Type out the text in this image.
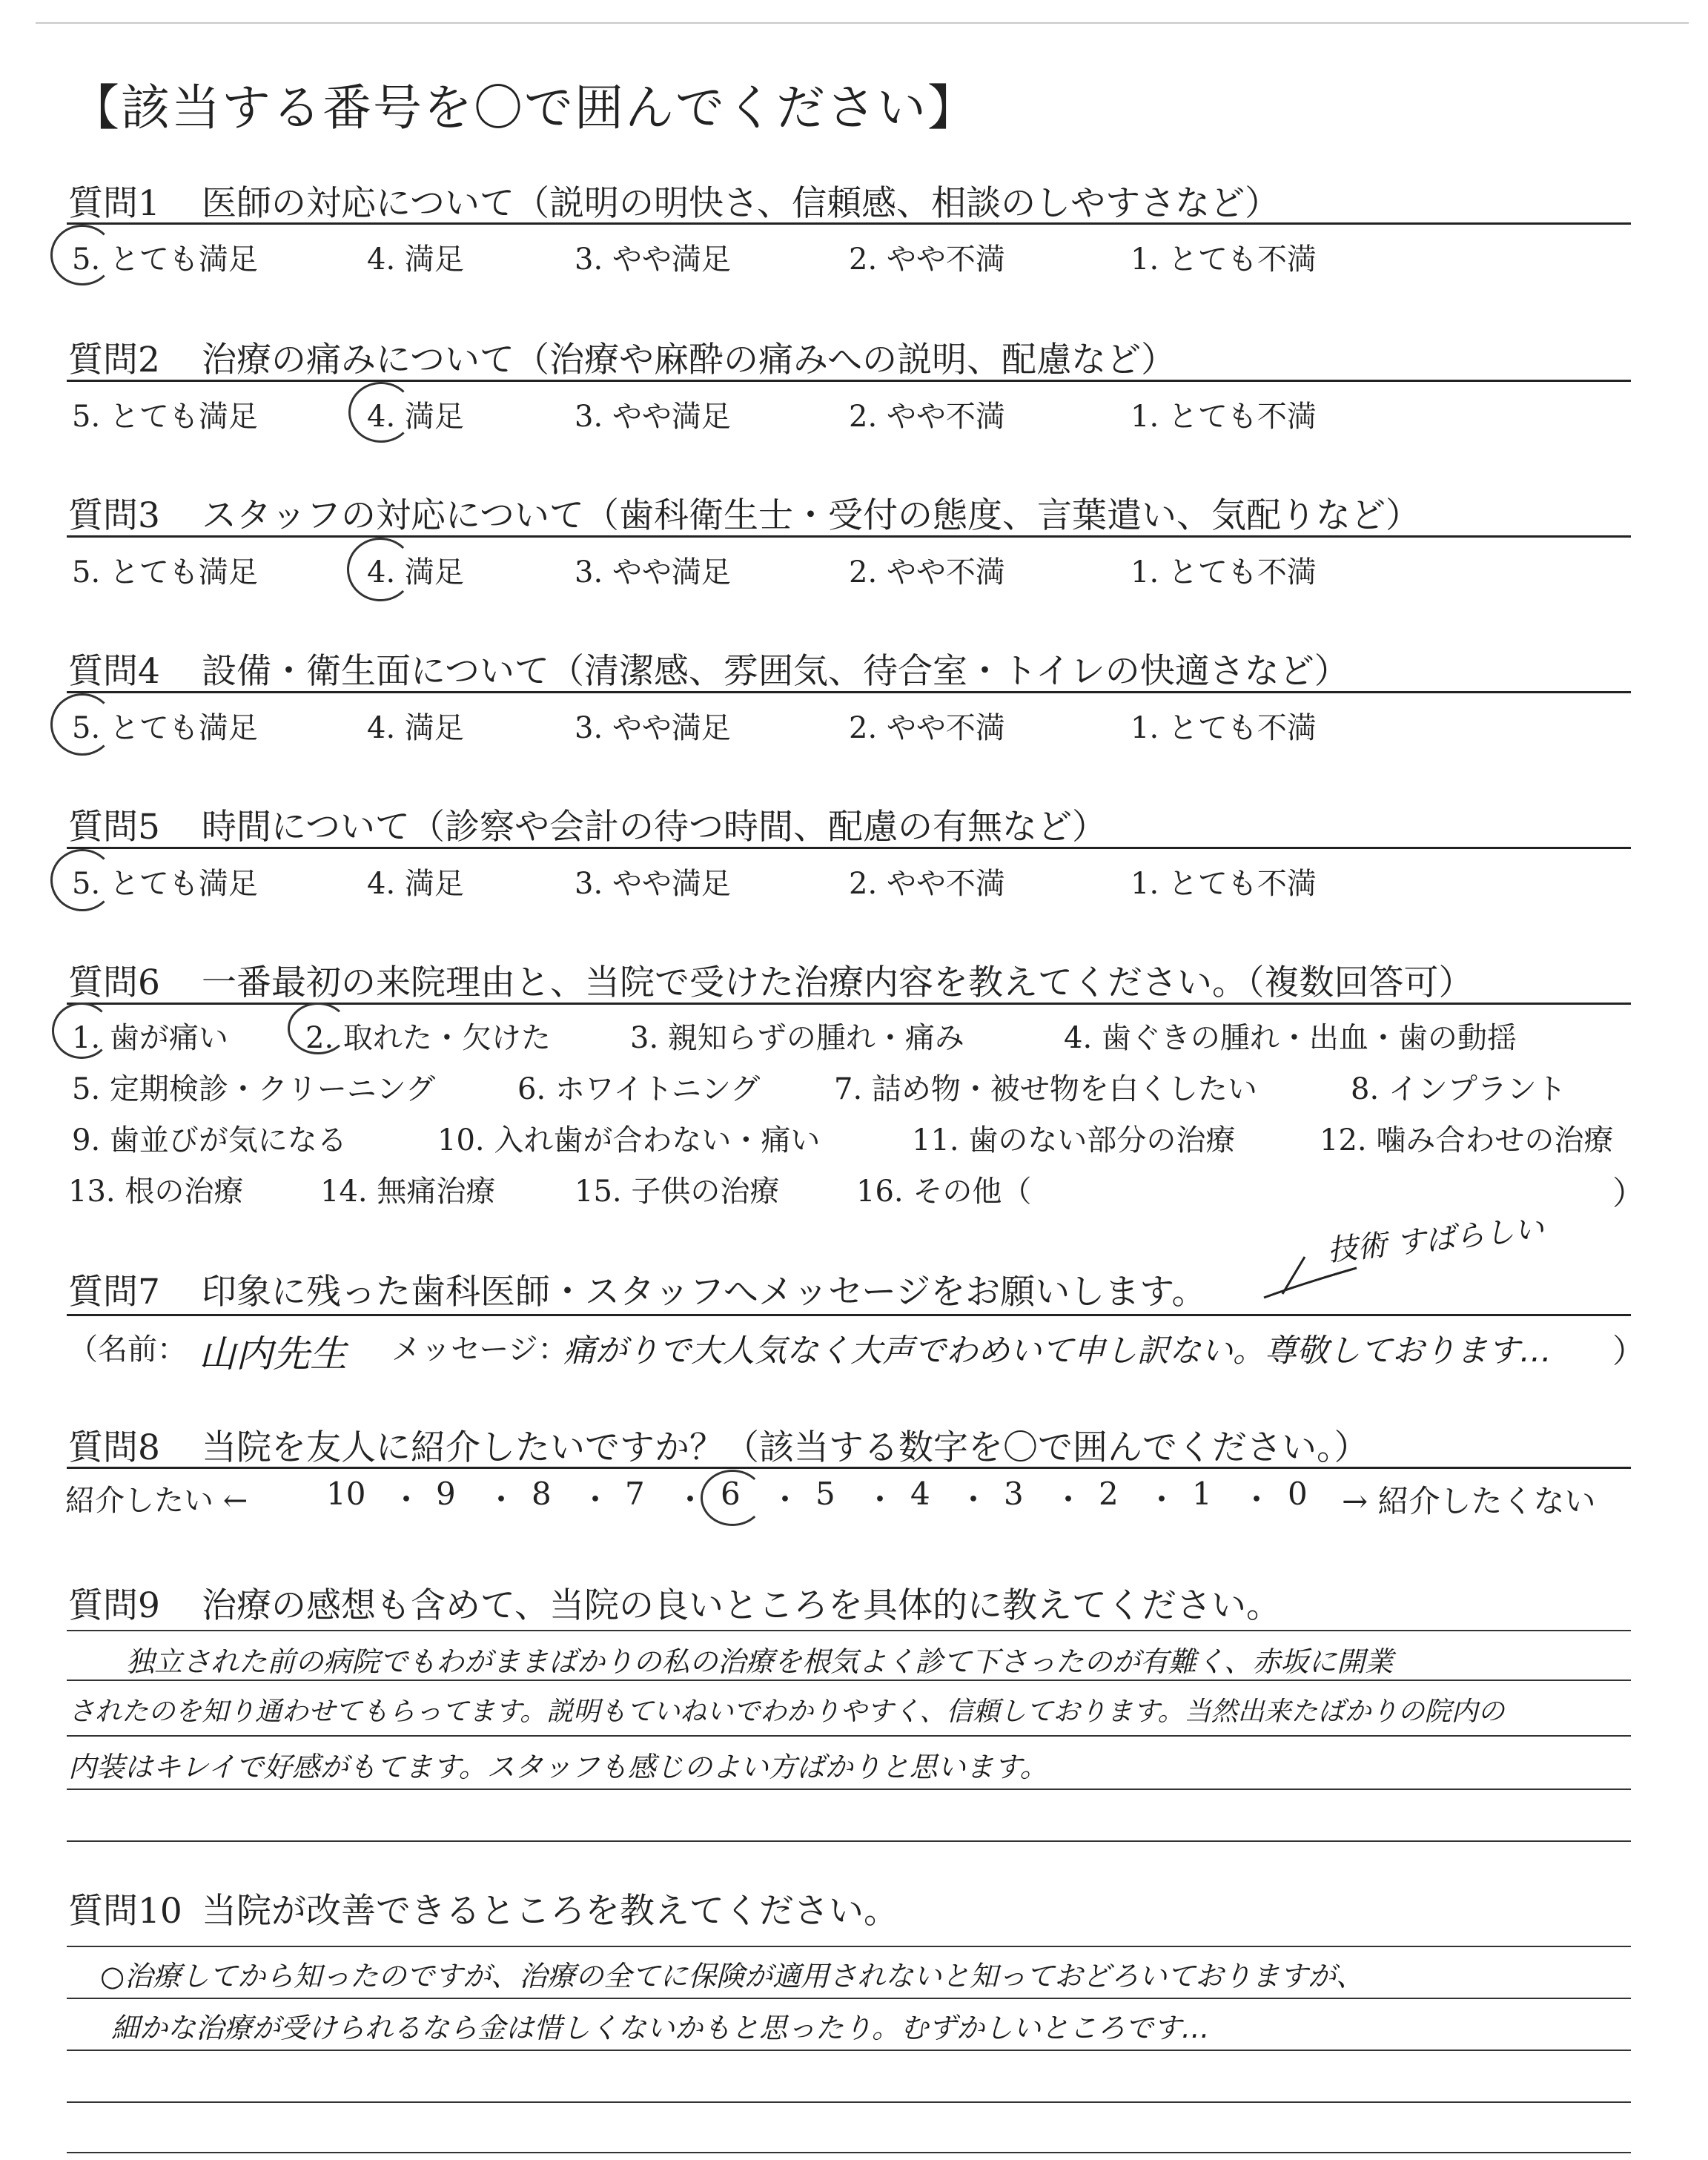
【該当する番号を〇で囲んでください】
質問1 医師の対応について（説明の明快さ、信頼感、相談のしやすさなど）
5. とても満足	4. 満足	3. やや満足	2. やや不満	1. とても不満
質問2 治療の痛みについて（治療や麻酔の痛みへの説明、配慮など）
5. とても満足	4. 満足	3. やや満足	2. やや不満	1. とても不満
質問3 スタッフの対応について（歯科衛生士・受付の態度、言葉遣い、気配りなど）
5. とても満足	4. 満足	3. やや満足	2. やや不満	1. とても不満
質問4 設備・衛生面について（清潔感、雰囲気、待合室・トイレの快適さなど）
5. とても満足	4. 満足	3. やや満足	2. やや不満	1. とても不満
質問5 時間について（診察や会計の待つ時間、配慮の有無など）
5. とても満足	4. 満足	3. やや満足	2. やや不満	1. とても不満
質問6 一番最初の来院理由と、当院で受けた治療内容を教えてください。（複数回答可）
1. 歯が痛い	2. 取れた・欠けた	3. 親知らずの腫れ・痛み	4. 歯ぐきの腫れ・出血・歯の動揺
5. 定期検診・クリーニング	6. ホワイトニング 7. 詰め物・被せ物を白くしたい	8. インプラント
9. 歯並びが気になる	10. 入れ歯が合わない・痛い	11. 歯のない部分の治療	12. 噛み合わせの治療
13. 根の治療	14. 無痛治療	15. 子供の治療	16. その他（	）
質問7 印象に残った歯科医師・スタッフへメッセージをお願いします。
技術 すばらしい
（名前： 山内先生 メッセージ：
痛がりで大人気なく大声でわめいて申し訳ない。尊敬しております… ）
質問8 当院を友人に紹介したいですか？（該当する数字を〇で囲んでください。）
紹介したい ←	10 9 8 7 6 5 4 3 2 1 0
・ ・ ・ ・ ・ ・ ・ ・ ・ ・ → 紹介したくない
質問9 治療の感想も含めて、当院の良いところを具体的に教えてください。
独立された前の病院でもわがままばかりの私の治療を根気よく診て下さったのが有難く、赤坂に開業
されたのを知り通わせてもらってます。説明もていねいでわかりやすく、信頼しております。当然出来たばかりの院内の
内装はキレイで好感がもてます。スタッフも感じのよい方ばかりと思います。
質問10 当院が改善できるところを教えてください。
○治療してから知ったのですが、治療の全てに保険が適用されないと知っておどろいておりますが、
細かな治療が受けられるなら金は惜しくないかもと思ったり。むずかしいところです…
